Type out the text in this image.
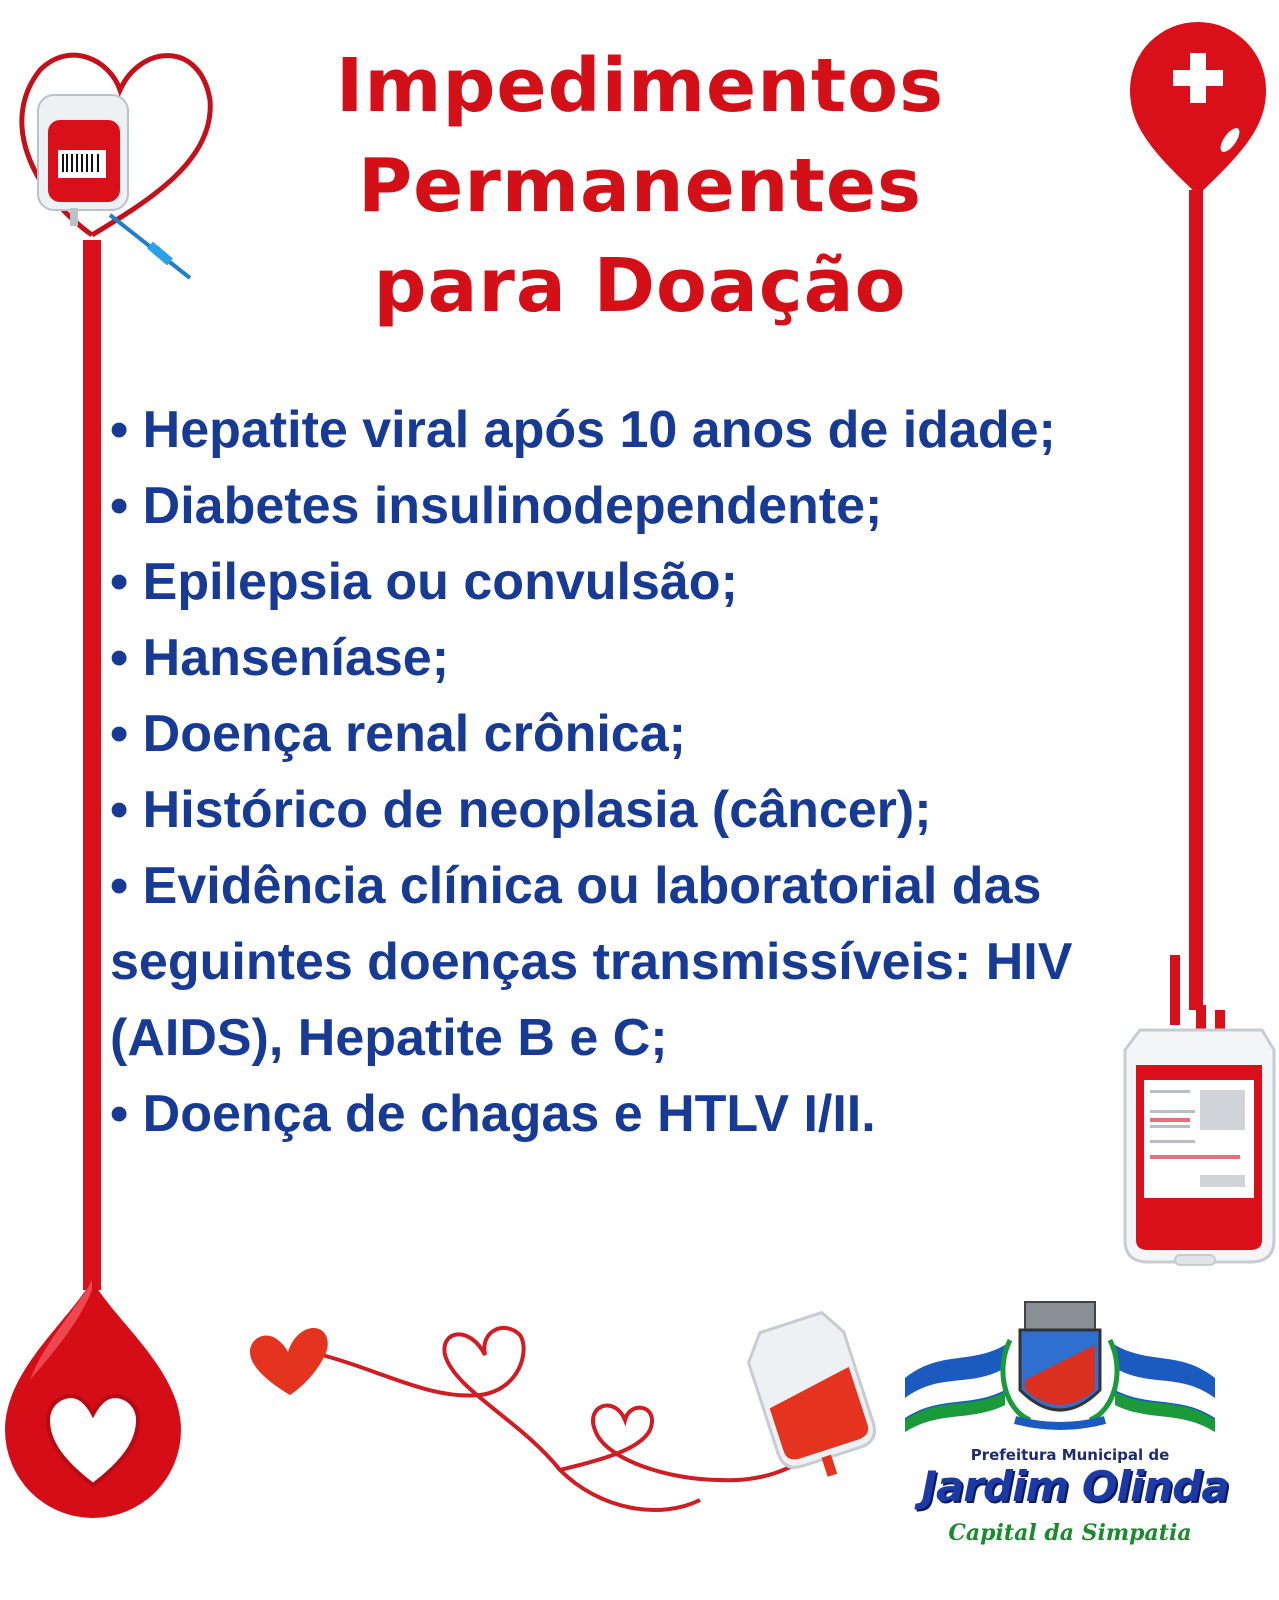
Impedimentos
Permanentes
para Doação
• Hepatite viral após 10 anos de idade;
• Diabetes insulinodependente;
• Epilepsia ou convulsão;
• Hanseníase;
• Doença renal crônica;
• Histórico de neoplasia (câncer);
• Evidência clínica ou laboratorial das seguintes doenças transmissíveis: HIV (AIDS), Hepatite B e C;
• Doença de chagas e HTLV I/II.
Prefeitura Municipal de
Jardim Olinda
Capital da Simpatia
